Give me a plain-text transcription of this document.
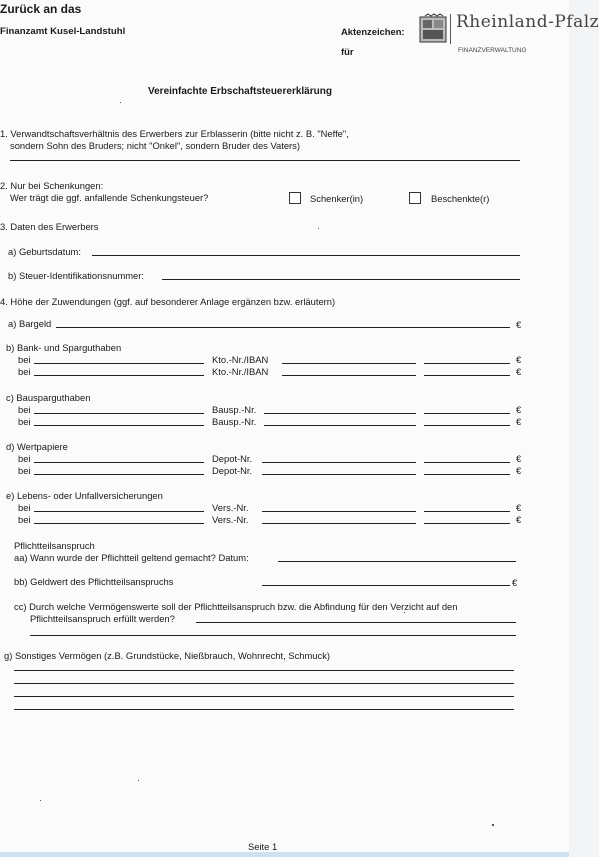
Zurück an das
Finanzamt Kusel-Landstuhl	Aktenzeichen:
für
Rheinland-Pfalz
FINANZVERWALTUNG
Vereinfachte Erbschaftsteuererklärung
1. Verwandtschaftsverhältnis des Erwerbers zur Erblasserin (bitte nicht z. B. "Neffe",
sondern Sohn des Bruders; nicht "Onkel", sondern Bruder des Vaters)
2. Nur bei Schenkungen:
Wer trägt die ggf. anfallende Schenkungsteuer?	Schenker(in)	Beschenkte(r)
3. Daten des Erwerbers
a) Geburtsdatum:
b) Steuer-Identifikationsnummer:
4. Höhe der Zuwendungen (ggf. auf besonderer Anlage ergänzen bzw. erläutern)
a) Bargeld	€
b) Bank- und Sparguthaben
bei	Kto.-Nr./IBAN	€
bei	Kto.-Nr./IBAN	€
c) Bausparguthaben
bei	Bausp.-Nr.	€
bei	Bausp.-Nr.	€
d) Wertpapiere
bei	Depot-Nr.	€
bei	Depot-Nr.	€
e) Lebens- oder Unfallversicherungen
bei	Vers.-Nr.	€
bei	Vers.-Nr.	€
Pflichtteilsanspruch
aa) Wann wurde der Pflichtteil geltend gemacht? Datum:
bb) Geldwert des Pflichtteilsanspruchs	€
cc) Durch welche Vermögenswerte soll der Pflichtteilsanspruch bzw. die Abfindung für den Verzicht auf den
Pflichtteilsanspruch erfüllt werden?
g) Sonstiges Vermögen (z.B. Grundstücke, Nießbrauch, Wohnrecht, Schmuck)
Seite 1
